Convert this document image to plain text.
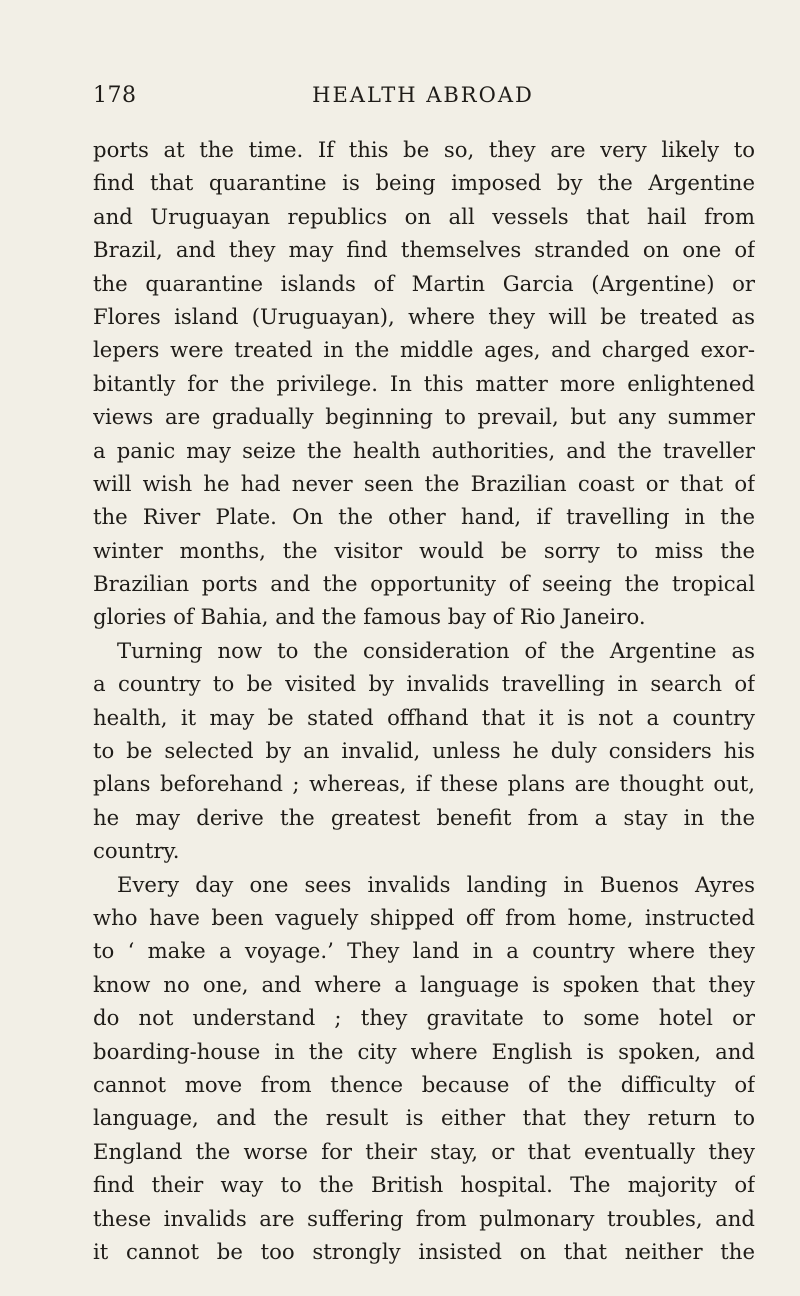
178	HEALTH ABROAD
ports at the time. If this be so, they are very likely to
find that quarantine is being imposed by the Argentine
and Uruguayan republics on all vessels that hail from
Brazil, and they may find themselves stranded on one of
the quarantine islands of Martin Garcia (Argentine) or
Flores island (Uruguayan), where they will be treated as
lepers were treated in the middle ages, and charged exor-
bitantly for the privilege. In this matter more enlightened
views are gradually beginning to prevail, but any summer
a panic may seize the health authorities, and the traveller
will wish he had never seen the Brazilian coast or that of
the River Plate. On the other hand, if travelling in the
winter months, the visitor would be sorry to miss the
Brazilian ports and the opportunity of seeing the tropical
glories of Bahia, and the famous bay of Rio Janeiro.
Turning now to the consideration of the Argentine as
a country to be visited by invalids travelling in search of
health, it may be stated offhand that it is not a country
to be selected by an invalid, unless he duly considers his
plans beforehand ; whereas, if these plans are thought out,
he may derive the greatest benefit from a stay in the
country.
Every day one sees invalids landing in Buenos Ayres
who have been vaguely shipped off from home, instructed
to ‘ make a voyage.’ They land in a country where they
know no one, and where a language is spoken that they
do not understand ; they gravitate to some hotel or
boarding-house in the city where English is spoken, and
cannot move from thence because of the difficulty of
language, and the result is either that they return to
England the worse for their stay, or that eventually they
find their way to the British hospital. The majority of
these invalids are suffering from pulmonary troubles, and
it cannot be too strongly insisted on that neither the
